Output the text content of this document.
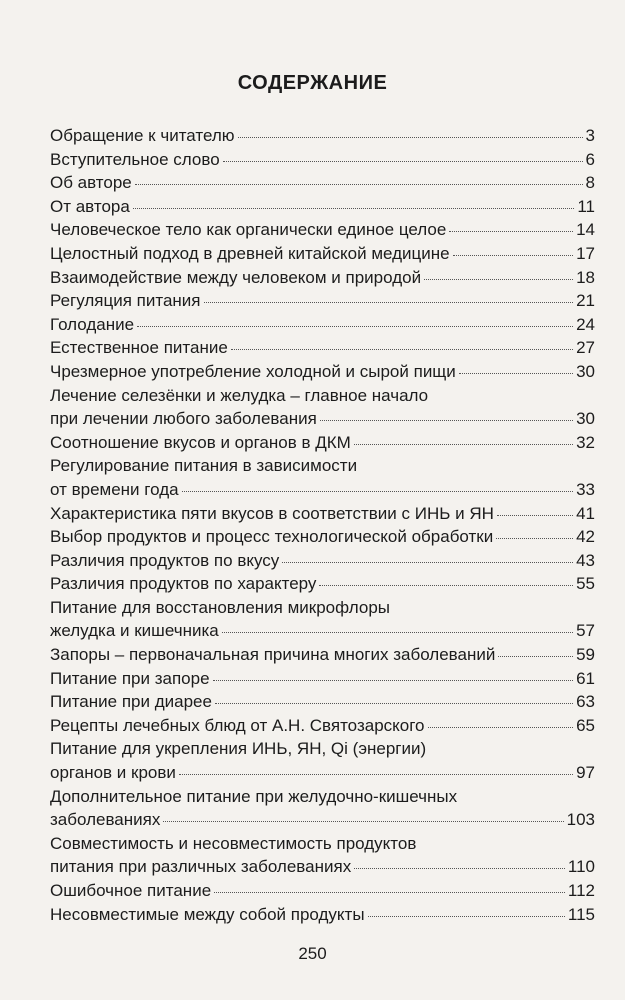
СОДЕРЖАНИЕ
Обращение к читателю	3
Вступительное слово	6
Об авторе	8
От автора	11
Человеческое тело как органически единое целое	14
Целостный подход в древней китайской медицине	17
Взаимодействие между человеком и природой	18
Регуляция питания	21
Голодание	24
Естественное питание	27
Чрезмерное употребление холодной и сырой пищи	30
Лечение селезёнки и желудка – главное начало
при лечении любого заболевания	30
Соотношение вкусов и органов в ДКМ	32
Регулирование питания в зависимости
от времени года	33
Характеристика пяти вкусов в соответствии с ИНЬ и ЯН	41
Выбор продуктов и процесс технологической обработки	42
Различия продуктов по вкусу	43
Различия продуктов по характеру	55
Питание для восстановления микрофлоры
желудка и кишечника	57
Запоры – первоначальная причина многих заболеваний	59
Питание при запоре	61
Питание при диарее	63
Рецепты лечебных блюд от А.Н. Святозарского	65
Питание для укрепления ИНЬ, ЯН, Qi (энергии)
органов и крови	97
Дополнительное питание при желудочно-кишечных
заболеваниях	103
Совместимость и несовместимость продуктов
питания при различных заболеваниях	110
Ошибочное питание	112
Несовместимые между собой продукты	115
250
